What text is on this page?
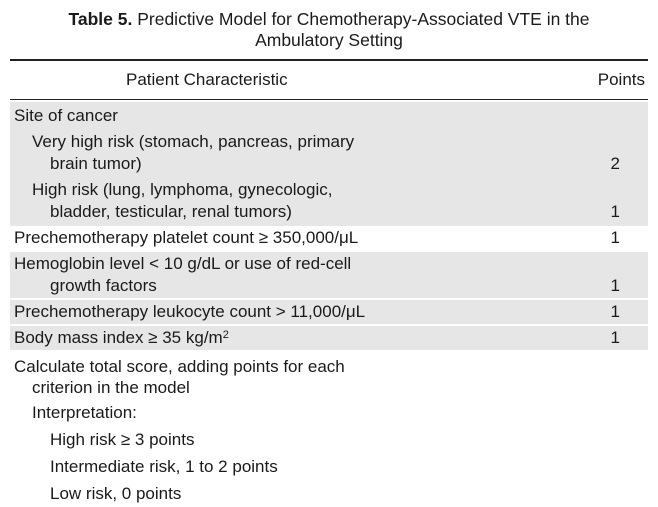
Table 5. Predictive Model for Chemotherapy-Associated VTE in the
Ambulatory Setting
Patient Characteristic	Points
Site of cancer
Very high risk (stomach, pancreas, primary
brain tumor)	2
High risk (lung, lymphoma, gynecologic,
bladder, testicular, renal tumors)	1
Prechemotherapy platelet count ≥ 350,000/μL	1
Hemoglobin level < 10 g/dL or use of red-cell
growth factors	1
Prechemotherapy leukocyte count > 11,000/μL	1
Body mass index ≥ 35 $kg/m^2$	1
Calculate total score, adding points for each
criterion in the model
Interpretation:
High risk ≥ 3 points
Intermediate risk, 1 to 2 points
Low risk, 0 points
